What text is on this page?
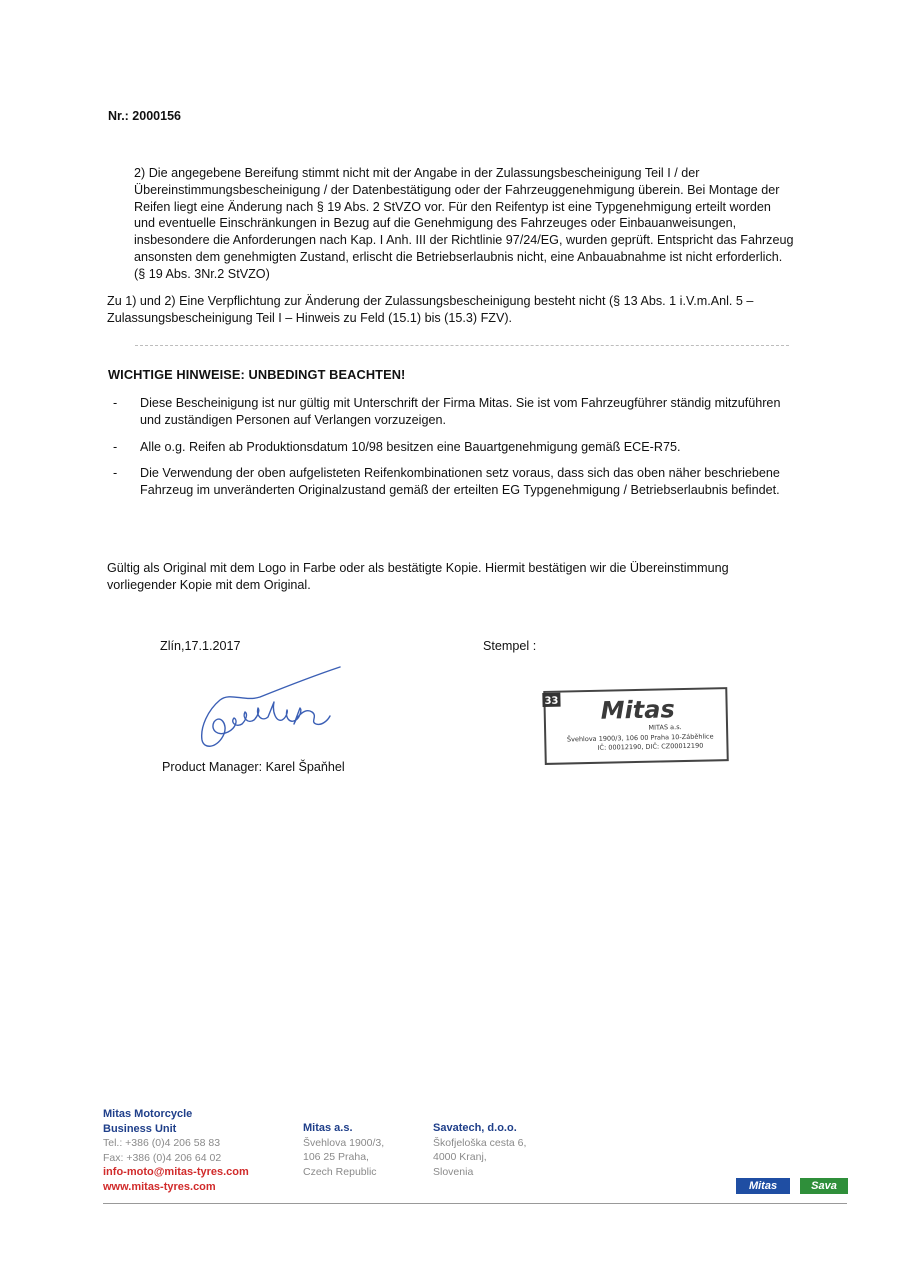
Nr.: 2000156

2) Die angegebene Bereifung stimmt nicht mit der Angabe in der Zulassungsbescheinigung Teil I / der Übereinstimmungsbescheinigung / der Datenbestätigung oder der Fahrzeuggenehmigung überein. Bei Montage der Reifen liegt eine Änderung nach § 19 Abs. 2 StVZO vor. Für den Reifentyp ist eine Typgenehmigung erteilt worden und eventuelle Einschränkungen in Bezug auf die Genehmigung des Fahrzeuges oder Einbauanweisungen, insbesondere die Anforderungen nach Kap. I Anh. III der Richtlinie 97/24/EG, wurden geprüft. Entspricht das Fahrzeug ansonsten dem genehmigten Zustand, erlischt die Betriebserlaubnis nicht, eine Anbauabnahme ist nicht erforderlich. (§ 19 Abs. 3Nr.2 StVZO)

Zu 1) und 2) Eine Verpflichtung zur Änderung der Zulassungsbescheinigung besteht nicht (§ 13 Abs. 1 i.V.m.Anl. 5 – Zulassungsbescheinigung Teil I – Hinweis zu Feld (15.1) bis (15.3) FZV).

WICHTIGE HINWEISE: UNBEDINGT BEACHTEN!
- Diese Bescheinigung ist nur gültig mit Unterschrift der Firma Mitas. Sie ist vom Fahrzeugführer ständig mitzuführen und zuständigen Personen auf Verlangen vorzuzeigen.
- Alle o.g. Reifen ab Produktionsdatum 10/98 besitzen eine Bauartgenehmigung gemäß ECE-R75.
- Die Verwendung der oben aufgelisteten Reifenkombinationen setz voraus, dass sich das oben näher beschriebene Fahrzeug im unveränderten Originalzustand gemäß der erteilten EG Typgenehmigung / Betriebserlaubnis befindet.

Gültig als Original mit dem Logo in Farbe oder als bestätigte Kopie. Hiermit bestätigen wir die Übereinstimmung vorliegender Kopie mit dem Original.

Zlín,17.1.2017	Stempel :
Product Manager: Karel Špaňhel
33 Mitas
MITAS a.s.
Švehlova 1900/3, 106 00 Praha 10-Záběhlice
IČ: 00012190, DIČ: CZ00012190
Mitas Motorcycle
Business Unit
Tel.: +386 (0)4 206 58 83
Fax: +386 (0)4 206 64 02
info-moto@mitas-tyres.com
www.mitas-tyres.com
Mitas a.s.
Švehlova 1900/3,
106 25 Praha,
Czech Republic
Savatech, d.o.o.
Škofjeloška cesta 6,
4000 Kranj,
Slovenia
Mitas	Sava
